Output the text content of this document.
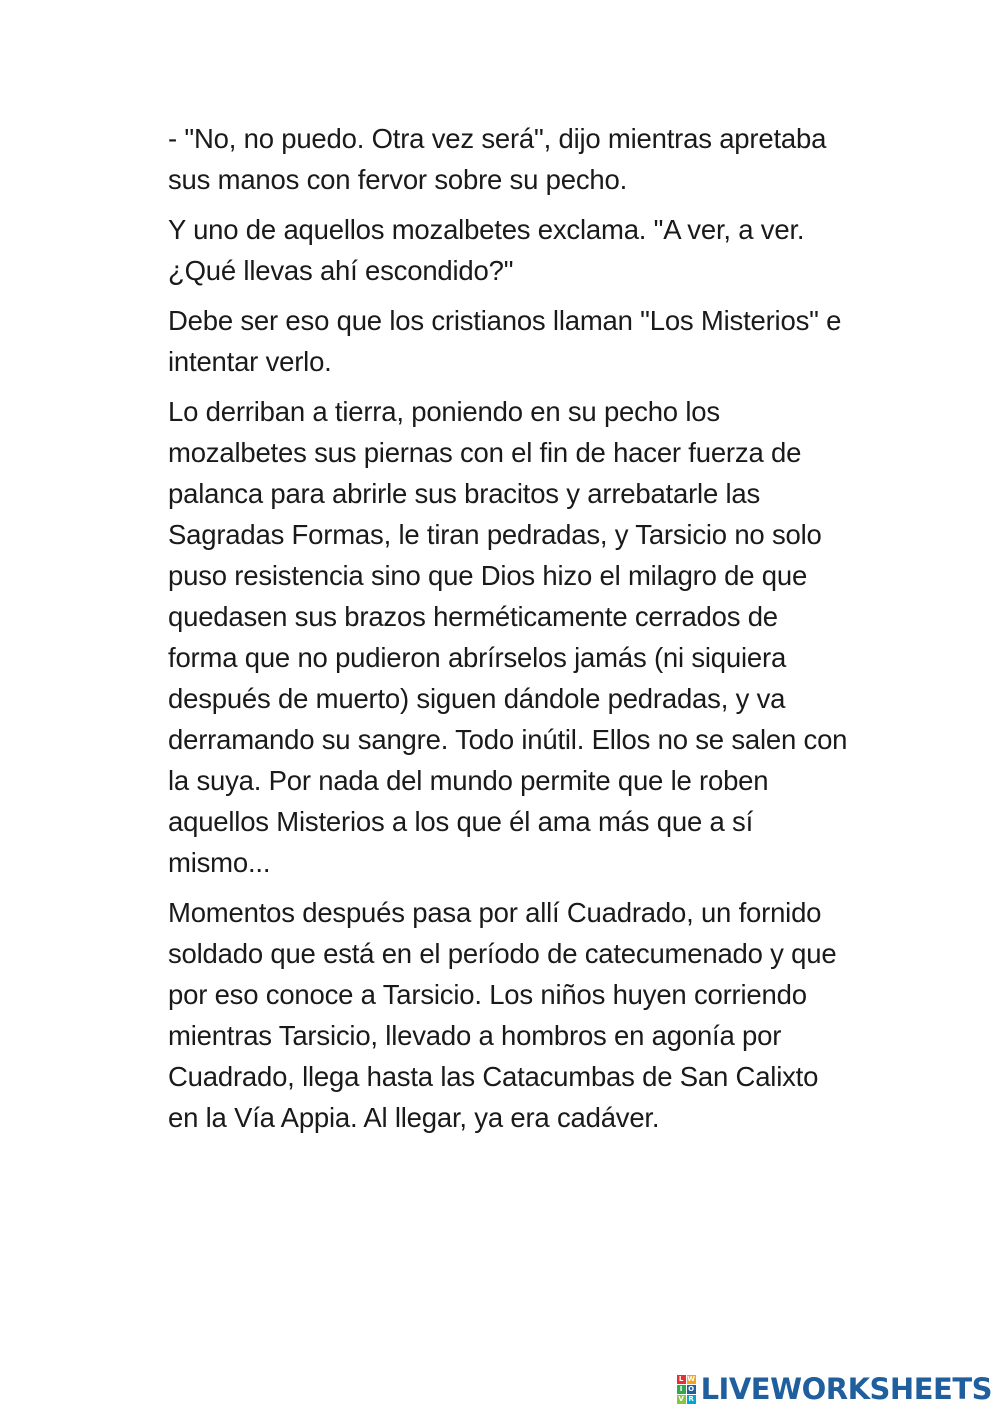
- "No, no puedo. Otra vez será", dijo mientras apretaba sus manos con fervor sobre su pecho.

Y uno de aquellos mozalbetes exclama. "A ver, a ver. ¿Qué llevas ahí escondido?"

Debe ser eso que los cristianos llaman "Los Misterios" e intentar verlo.

Lo derriban a tierra, poniendo en su pecho los mozalbetes sus piernas con el fin de hacer fuerza de palanca para abrirle sus bracitos y arrebatarle las Sagradas Formas, le tiran pedradas, y Tarsicio no solo puso resistencia sino que Dios hizo el milagro de que quedasen sus brazos herméticamente cerrados de forma que no pudieron abrírselos jamás (ni siquiera después de muerto) siguen dándole pedradas, y va derramando su sangre. Todo inútil. Ellos no se salen con la suya. Por nada del mundo permite que le roben aquellos Misterios a los que él ama más que a sí mismo...

Momentos después pasa por allí Cuadrado, un fornido soldado que está en el período de catecumenado y que por eso conoce a Tarsicio. Los niños huyen corriendo mientras Tarsicio, llevado a hombros en agonía por Cuadrado, llega hasta las Catacumbas de San Calixto en la Vía Appia. Al llegar, ya era cadáver.

L W
I O
V R LIVEWORKSHEETS
